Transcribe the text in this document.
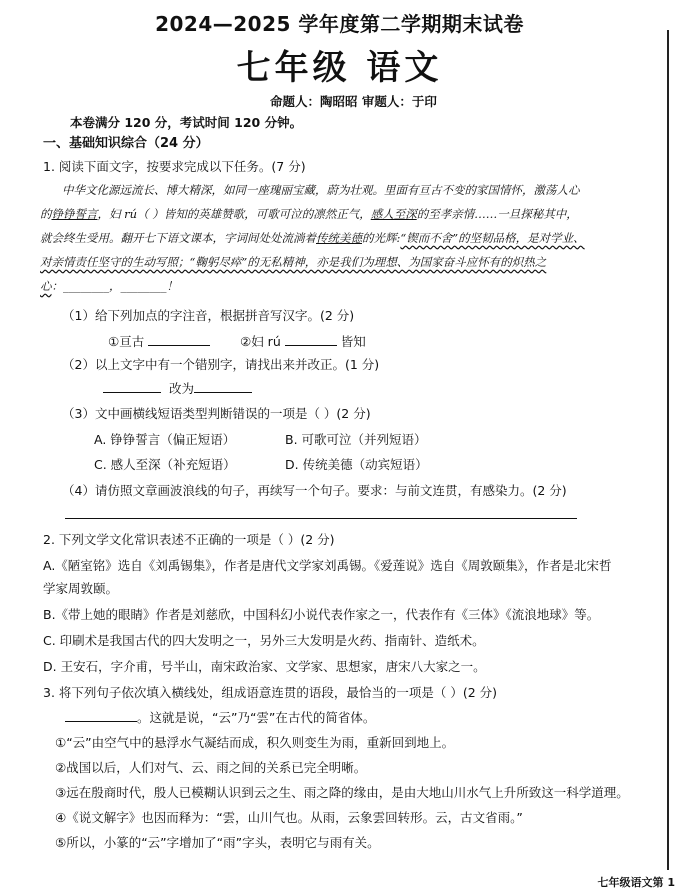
2024—2025 学年度第二学期期末试卷
七年级 语文
命题人：陶昭昭 审题人：于印
本卷满分 120 分，考试时间 120 分钟。
一、基础知识综合（24 分）
1. 阅读下面文字，按要求完成以下任务。(7 分)

中华文化源远流长、博大精深，如同一座瑰丽宝藏，蔚为壮观。里面有亘古不变的家国情怀，激荡人心

的铮铮誓言，妇 rú（ ）皆知的英雄赞歌，可歌可泣的凛然正气，感人至深的至孝亲情……一旦探秘其中，
就会终生受用。翻开七下语文课本，字词间处处流淌着传统美德的光辉:“锲而不舍”的坚韧品格，是对学业、
对亲情责任坚守的生动写照；“鞠躬尽瘁”的无私精神，亦是我们为理想、为国家奋斗应怀有的炽热之
心：________，________！
（1）给下列加点的字注音，根据拼音写汉字。(2 分)
①亘古	②妇 rú	皆知
（2）以上文字中有一个错别字，请找出来并改正。(1 分)
改为
（3）文中画横线短语类型判断错误的一项是（ ）(2 分)
A. 铮铮誓言（偏正短语）	B. 可歌可泣（并列短语）
C. 感人至深（补充短语）	D. 传统美德（动宾短语）
（4）请仿照文章画波浪线的句子，再续写一个句子。要求：与前文连贯，有感染力。(2 分)
2. 下列文学文化常识表述不正确的一项是（ ）(2 分)
A.《陋室铭》选自《刘禹锡集》，作者是唐代文学家刘禹锡。《爱莲说》选自《周敦颐集》，作者是北宋哲
学家周敦颐。
B.《带上她的眼睛》作者是刘慈欣，中国科幻小说代表作家之一，代表作有《三体》《流浪地球》等。
C. 印刷术是我国古代的四大发明之一，另外三大发明是火药、指南针、造纸术。
D. 王安石，字介甫，号半山，南宋政治家、文学家、思想家，唐宋八大家之一。
3. 将下列句子依次填入横线处，组成语意连贯的语段，最恰当的一项是（ ）(2 分)
。这就是说，“云”乃“雲”在古代的简省体。
①“云”由空气中的悬浮水气凝结而成，积久则变生为雨，重新回到地上。
②战国以后，人们对气、云、雨之间的关系已完全明晰。
③远在殷商时代，殷人已模糊认识到云之生、雨之降的缘由，是由大地山川水气上升所致这一科学道理。
④《说文解字》也因而释为：“雲，山川气也。从雨，云象雲回转形。云，古文省雨。”
⑤所以，小篆的“云”字增加了“雨”字头，表明它与雨有关。
七年级语文第 1
